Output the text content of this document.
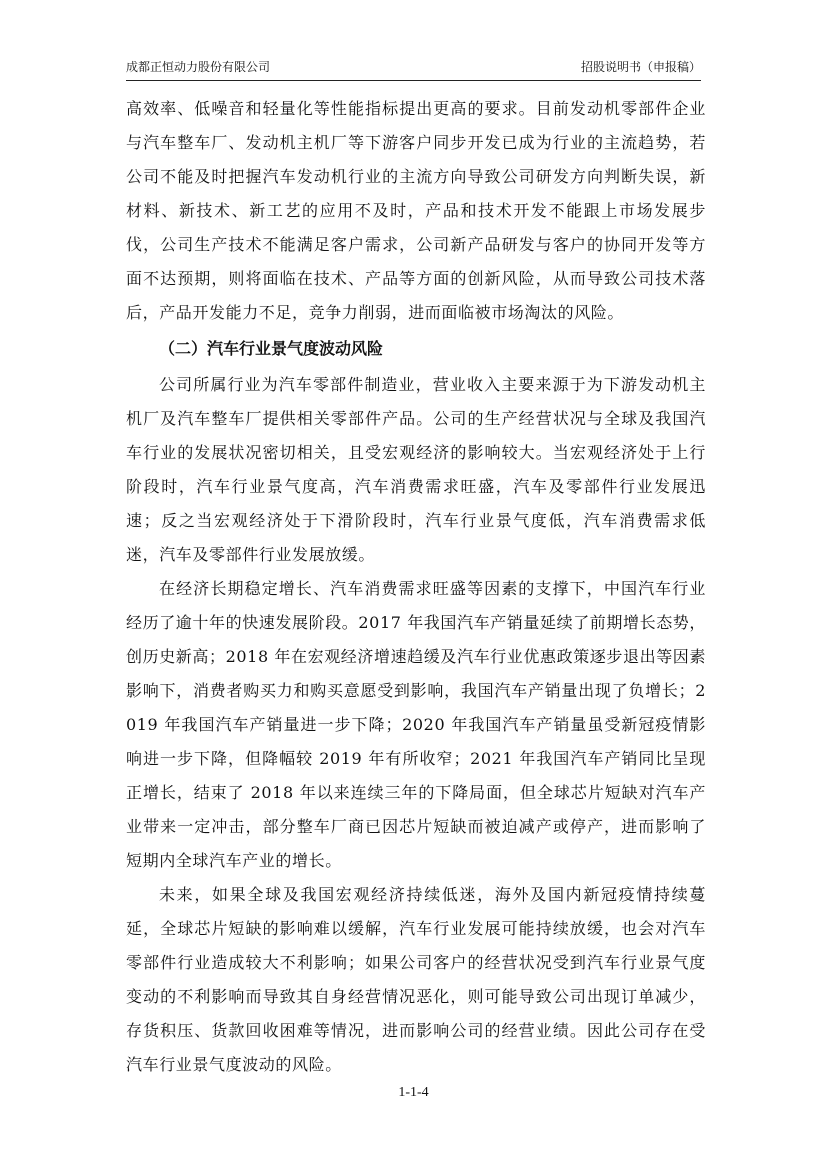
成都正恒动力股份有限公司	招股说明书（申报稿）

高效率、低噪音和轻量化等性能指标提出更高的要求。目前发动机零部件企业与汽车整车厂、发动机主机厂等下游客户同步开发已成为行业的主流趋势，若公司不能及时把握汽车发动机行业的主流方向导致公司研发方向判断失误，新材料、新技术、新工艺的应用不及时，产品和技术开发不能跟上市场发展步伐，公司生产技术不能满足客户需求，公司新产品研发与客户的协同开发等方面不达预期，则将面临在技术、产品等方面的创新风险，从而导致公司技术落后，产品开发能力不足，竞争力削弱，进而面临被市场淘汰的风险。

（二）汽车行业景气度波动风险

公司所属行业为汽车零部件制造业，营业收入主要来源于为下游发动机主机厂及汽车整车厂提供相关零部件产品。公司的生产经营状况与全球及我国汽车行业的发展状况密切相关，且受宏观经济的影响较大。当宏观经济处于上行阶段时，汽车行业景气度高，汽车消费需求旺盛，汽车及零部件行业发展迅速；反之当宏观经济处于下滑阶段时，汽车行业景气度低，汽车消费需求低迷，汽车及零部件行业发展放缓。

在经济长期稳定增长、汽车消费需求旺盛等因素的支撑下，中国汽车行业经历了逾十年的快速发展阶段。2017 年我国汽车产销量延续了前期增长态势，创历史新高；2018 年在宏观经济增速趋缓及汽车行业优惠政策逐步退出等因素影响下，消费者购买力和购买意愿受到影响，我国汽车产销量出现了负增长；2019 年我国汽车产销量进一步下降；2020 年我国汽车产销量虽受新冠疫情影响进一步下降，但降幅较 2019 年有所收窄；2021 年我国汽车产销同比呈现正增长，结束了 2018 年以来连续三年的下降局面，但全球芯片短缺对汽车产业带来一定冲击，部分整车厂商已因芯片短缺而被迫减产或停产，进而影响了短期内全球汽车产业的增长。

未来，如果全球及我国宏观经济持续低迷，海外及国内新冠疫情持续蔓延，全球芯片短缺的影响难以缓解，汽车行业发展可能持续放缓，也会对汽车零部件行业造成较大不利影响；如果公司客户的经营状况受到汽车行业景气度变动的不利影响而导致其自身经营情况恶化，则可能导致公司出现订单减少，存货积压、货款回收困难等情况，进而影响公司的经营业绩。因此公司存在受汽车行业景气度波动的风险。

1-1-4
